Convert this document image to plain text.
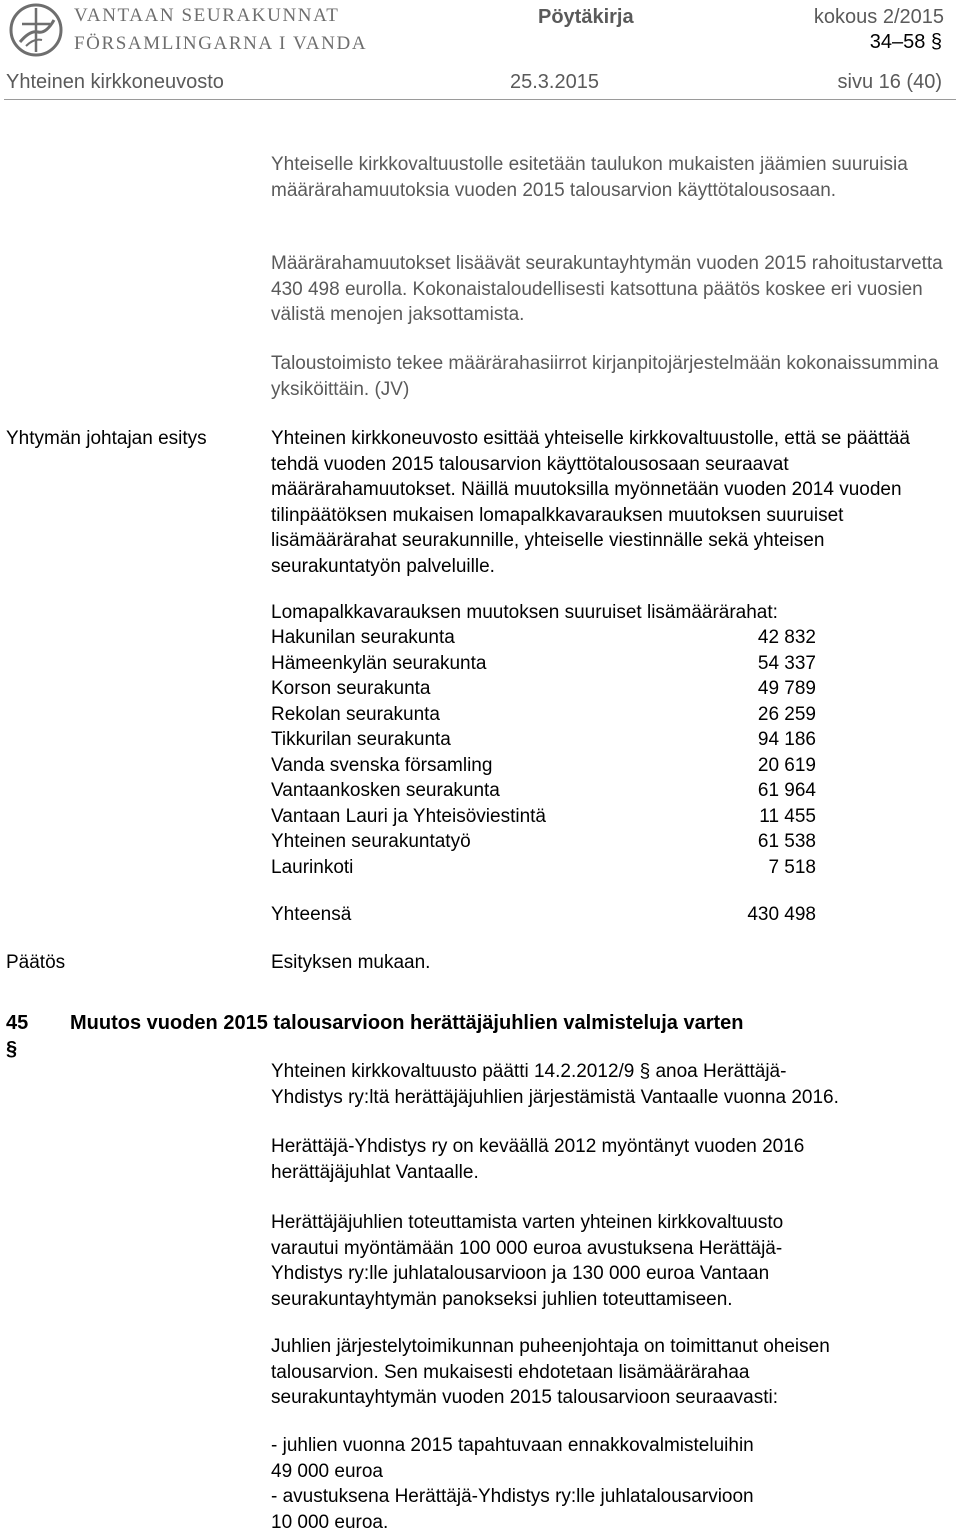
VANTAAN SEURAKUNNAT
FÖRSAMLINGARNA I VANDA
Pöytäkirja	kokous 2/2015
34–58 §
Yhteinen kirkkoneuvosto	25.3.2015	sivu 16 (40)

Yhteiselle kirkkovaltuustolle esitetään taulukon mukaisten jäämien suuruisia määrärahamuutoksia vuoden 2015 talousarvion käyttötalousosaan.

Määrärahamuutokset lisäävät seurakuntayhtymän vuoden 2015 rahoitustarvetta 430 498 eurolla. Kokonaistaloudellisesti katsottuna päätös koskee eri vuosien välistä menojen jaksottamista.

Taloustoimisto tekee määrärahasiirrot kirjanpitojärjestelmään kokonaissummina yksiköittäin. (JV)

Yhtymän johtajan esitys	Yhteinen kirkkoneuvosto esittää yhteiselle kirkkovaltuustolle, että se päättää tehdä vuoden 2015 talousarvion käyttötalousosaan seuraavat määrärahamuutokset. Näillä muutoksilla myönnetään vuoden 2014 vuoden tilinpäätöksen mukaisen lomapalkkavarauksen muutoksen suuruiset lisämäärärahat seurakunnille, yhteiselle viestinnälle sekä yhteisen seurakuntatyön palveluille.

Lomapalkkavarauksen muutoksen suuruiset lisämäärärahat:

Hakunilan seurakunta	42 832
Hämeenkylän seurakunta	54 337
Korson seurakunta	49 789
Rekolan seurakunta	26 259
Tikkurilan seurakunta	94 186
Vanda svenska församling	20 619
Vantaankosken seurakunta	61 964
Vantaan Lauri ja Yhteisöviestintä	11 455
Yhteinen seurakuntatyö	61 538
Laurinkoti	7 518
Yhteensä	430 498

Päätös	Esityksen mukaan.

45 §
Muutos vuoden 2015 talousarvioon herättäjäjuhlien valmisteluja varten
Yhteinen kirkkovaltuusto päätti 14.2.2012/9 § anoa Herättäjä-
Yhdistys ry:ltä herättäjäjuhlien järjestämistä Vantaalle vuonna 2016.
Herättäjä-Yhdistys ry on keväällä 2012 myöntänyt vuoden 2016
herättäjäjuhlat Vantaalle.
Herättäjäjuhlien toteuttamista varten yhteinen kirkkovaltuusto
varautui myöntämään 100 000 euroa avustuksena Herättäjä-
Yhdistys ry:lle juhlatalousarvioon ja 130 000 euroa Vantaan
seurakuntayhtymän panokseksi juhlien toteuttamiseen.
Juhlien järjestelytoimikunnan puheenjohtaja on toimittanut oheisen
talousarvion. Sen mukaisesti ehdotetaan lisämäärärahaa
seurakuntayhtymän vuoden 2015 talousarvioon seuraavasti:
- juhlien vuonna 2015 tapahtuvaan ennakkovalmisteluihin
49 000 euroa
- avustuksena Herättäjä-Yhdistys ry:lle juhlatalousarvioon
10 000 euroa.
